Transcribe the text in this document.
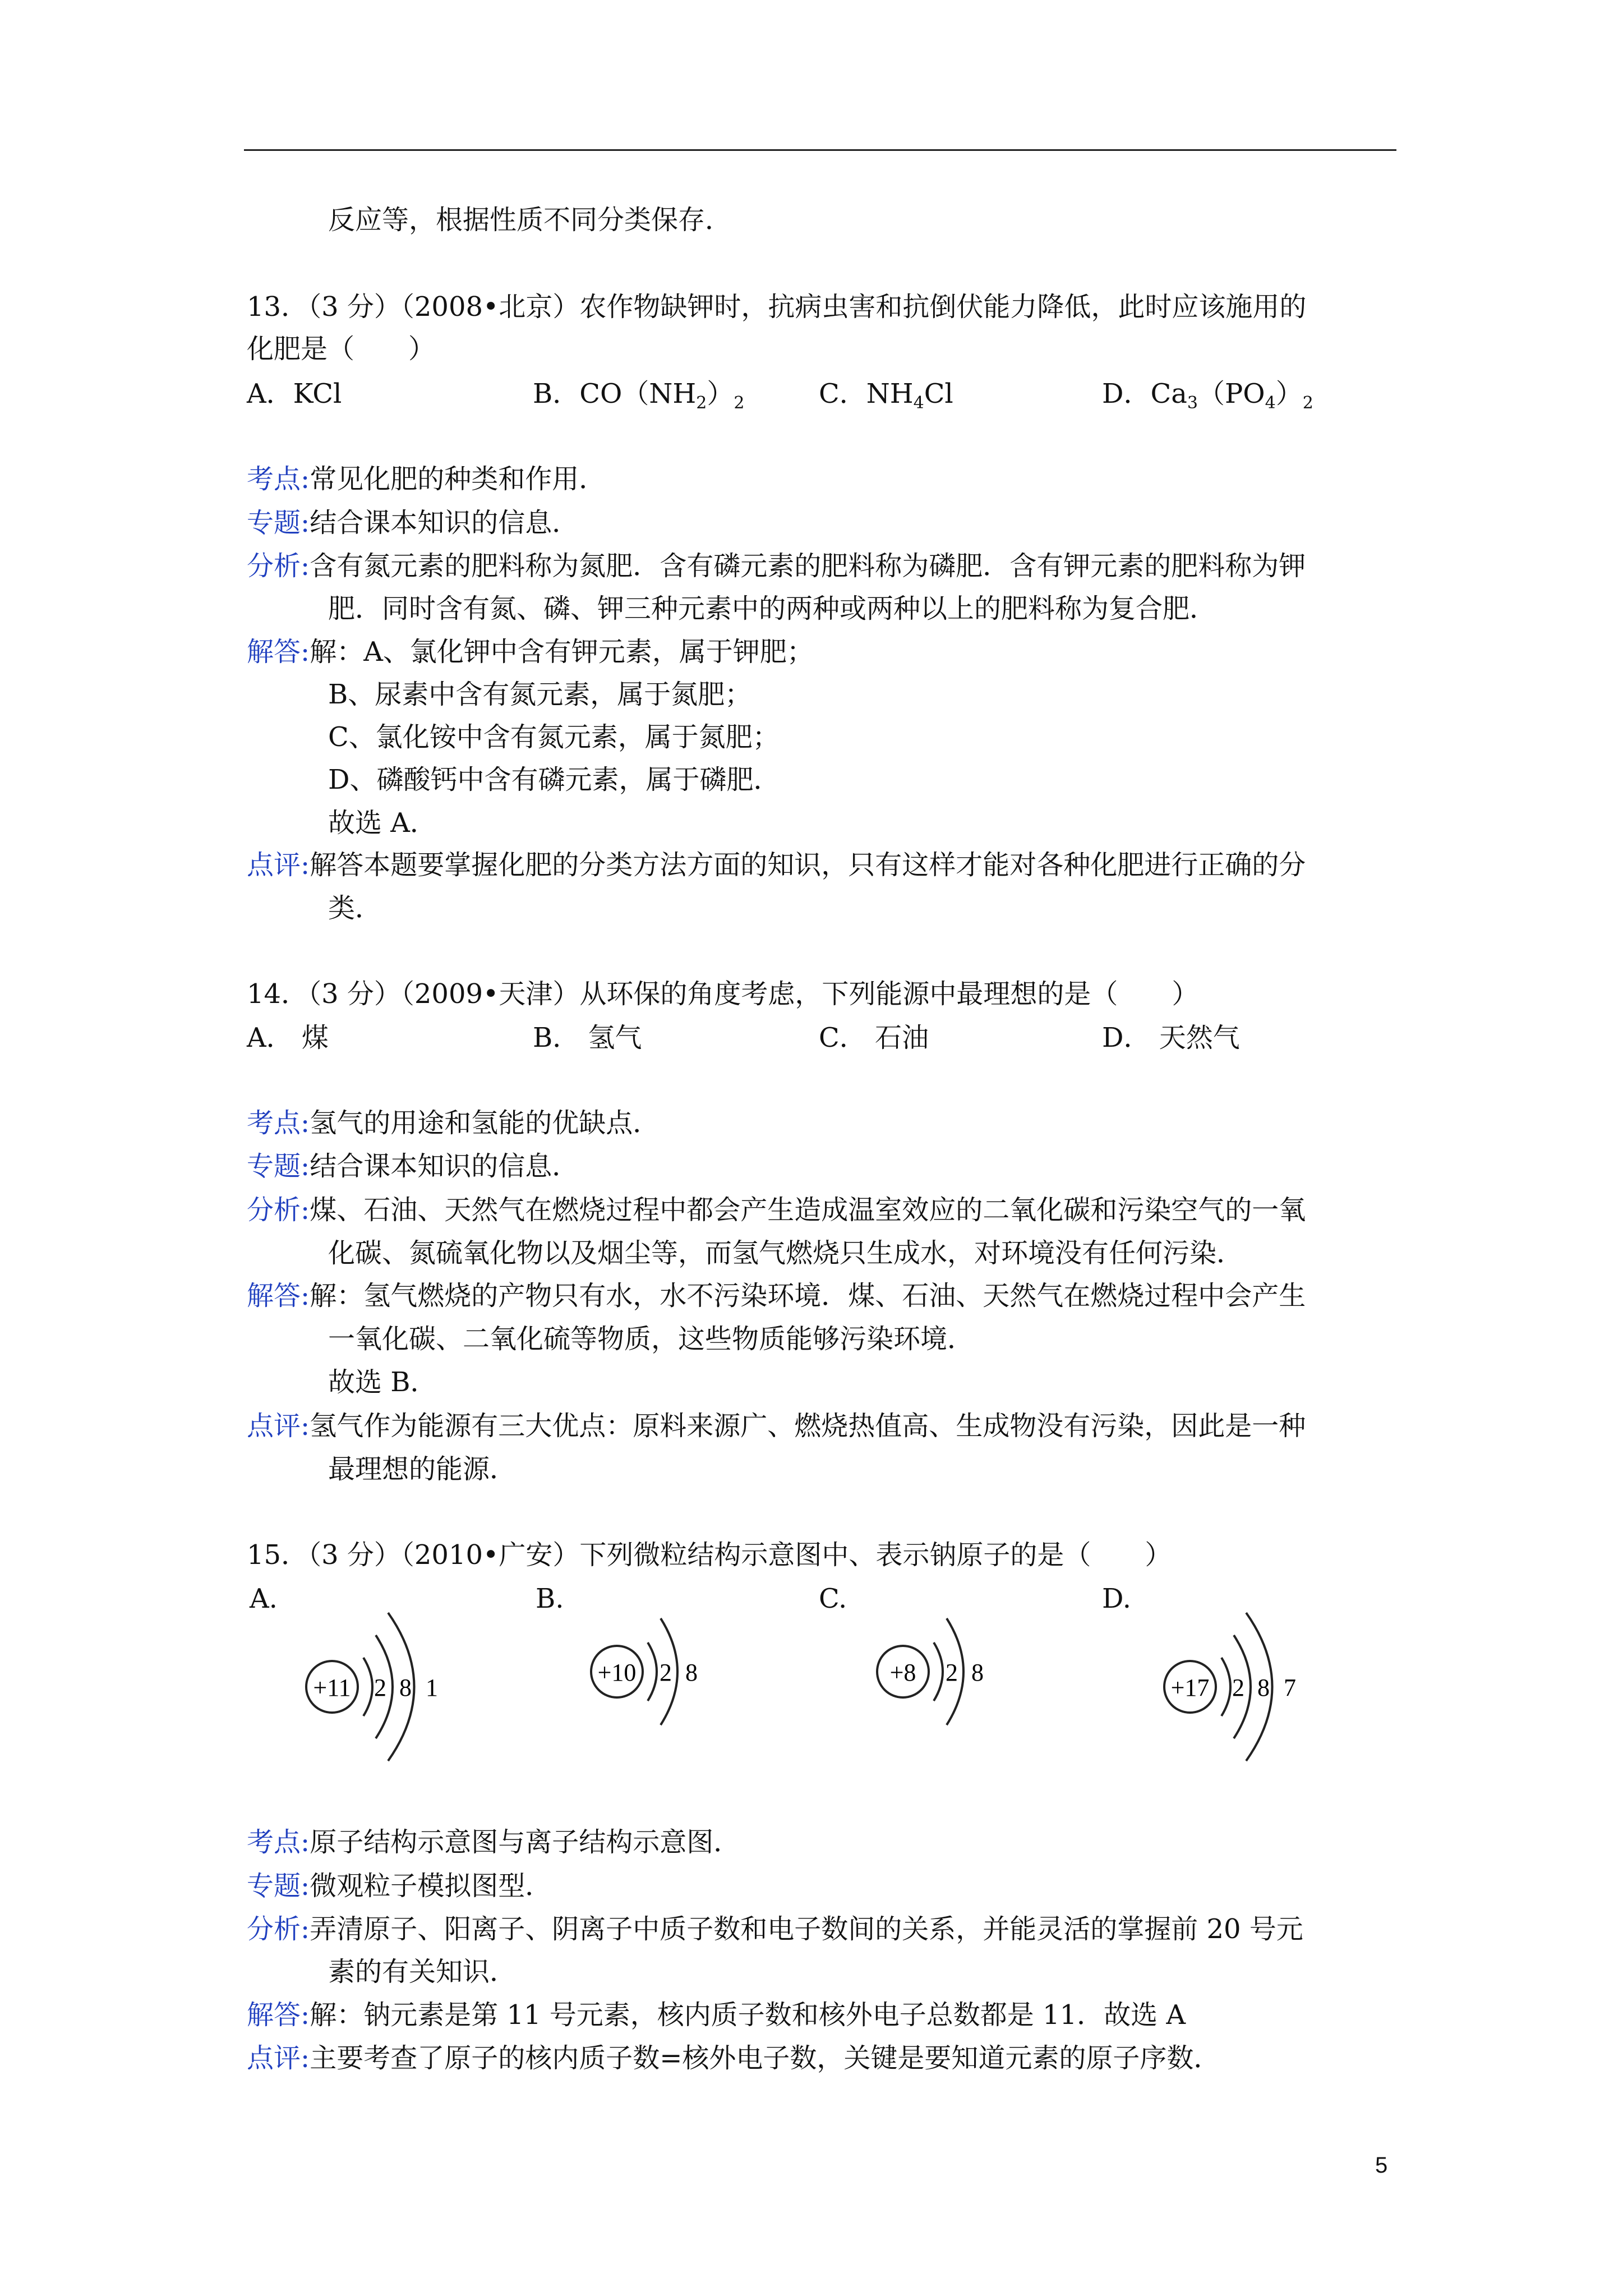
反应等，根据性质不同分类保存．
13．（3 分）（2008•北京）农作物缺钾时，抗病虫害和抗倒伏能力降低，此时应该施用的
化肥是（　　）
A．KCl	B．$CO(NH_2)_2$	C．$NH_4Cl$	D．$Ca_3(PO_4)_2$
考点:常见化肥的种类和作用．
专题:结合课本知识的信息．
分析:含有氮元素的肥料称为氮肥．含有磷元素的肥料称为磷肥．含有钾元素的肥料称为钾
肥．同时含有氮、磷、钾三种元素中的两种或两种以上的肥料称为复合肥．
解答:解：A、氯化钾中含有钾元素，属于钾肥；
B、尿素中含有氮元素，属于氮肥；
C、氯化铵中含有氮元素，属于氮肥；
D、磷酸钙中含有磷元素，属于磷肥．
故选 A．
点评:解答本题要掌握化肥的分类方法方面的知识，只有这样才能对各种化肥进行正确的分
类．
14．（3 分）（2009•天津）从环保的角度考虑，下列能源中最理想的是（　　）
A． 煤	B． 氢气	C． 石油	D． 天然气
考点:氢气的用途和氢能的优缺点．
专题:结合课本知识的信息．
分析:煤、石油、天然气在燃烧过程中都会产生造成温室效应的二氧化碳和污染空气的一氧
化碳、氮硫氧化物以及烟尘等，而氢气燃烧只生成水，对环境没有任何污染．
解答:解：氢气燃烧的产物只有水，水不污染环境．煤、石油、天然气在燃烧过程中会产生
一氧化碳、二氧化硫等物质，这些物质能够污染环境．
故选 B．
点评:氢气作为能源有三大优点：原料来源广、燃烧热值高、生成物没有污染，因此是一种
最理想的能源．
15．（3 分）（2010•广安）下列微粒结构示意图中、表示钠原子的是（　　）
A.	B.	C.	D.
+11 2 8 1
+10 2 8	+8 2 8
+17 2 8 7
考点:原子结构示意图与离子结构示意图．
专题:微观粒子模拟图型．
分析:弄清原子、阳离子、阴离子中质子数和电子数间的关系，并能灵活的掌握前 20 号元
素的有关知识．
解答:解：钠元素是第 11 号元素，核内质子数和核外电子总数都是 11．故选 A
点评:主要考查了原子的核内质子数=核外电子数，关键是要知道元素的原子序数．
5
